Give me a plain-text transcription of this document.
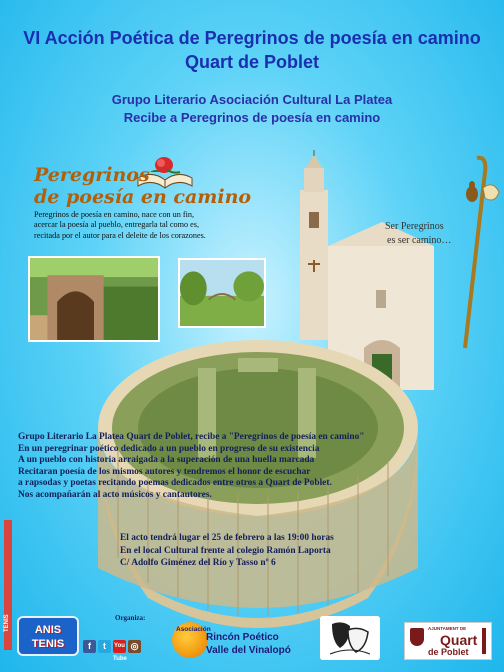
VI Acción Poética de Peregrinos de poesía en camino
Quart de Poblet
Grupo Literario Asociación Cultural La Platea
Recibe a Peregrinos de poesía en camino
Peregrinos
de poesía en camino
Peregrinos de poesía en camino, nace con un fin,
acercar la poesía al pueblo, entregarla tal como es,
recitada por el autor para el deleite de los corazones.
Ser Peregrinos
es ser camino…
Grupo Literario La Platea Quart de Poblet, recibe a "Peregrinos de poesía en camino"
En un peregrinar poético dedicado a un pueblo en progreso de su existencia
A un pueblo con historia arraigada a la superación de una huella marcada
Recitaran poesía de los mismos autores y tendremos el honor de escuchar
a rapsodas y poetas recitando poemas dedicados entre otros a Quart de Poblet.
Nos acompañarán al acto músicos y cantautores.
El acto tendrá lugar el 25 de febrero a las 19:00 horas
En el local Cultural frente al colegio Ramón Laporta
C/ Adolfo Giménez del Río y Tasso nº 6
TENIS	ANIS
TENIS	f	t	You Tube
◎
Organiza:
Asociación
Rincón Poético
Valle del Vinalopó
AJUNTAMENT DE
Quart
de Poblet
